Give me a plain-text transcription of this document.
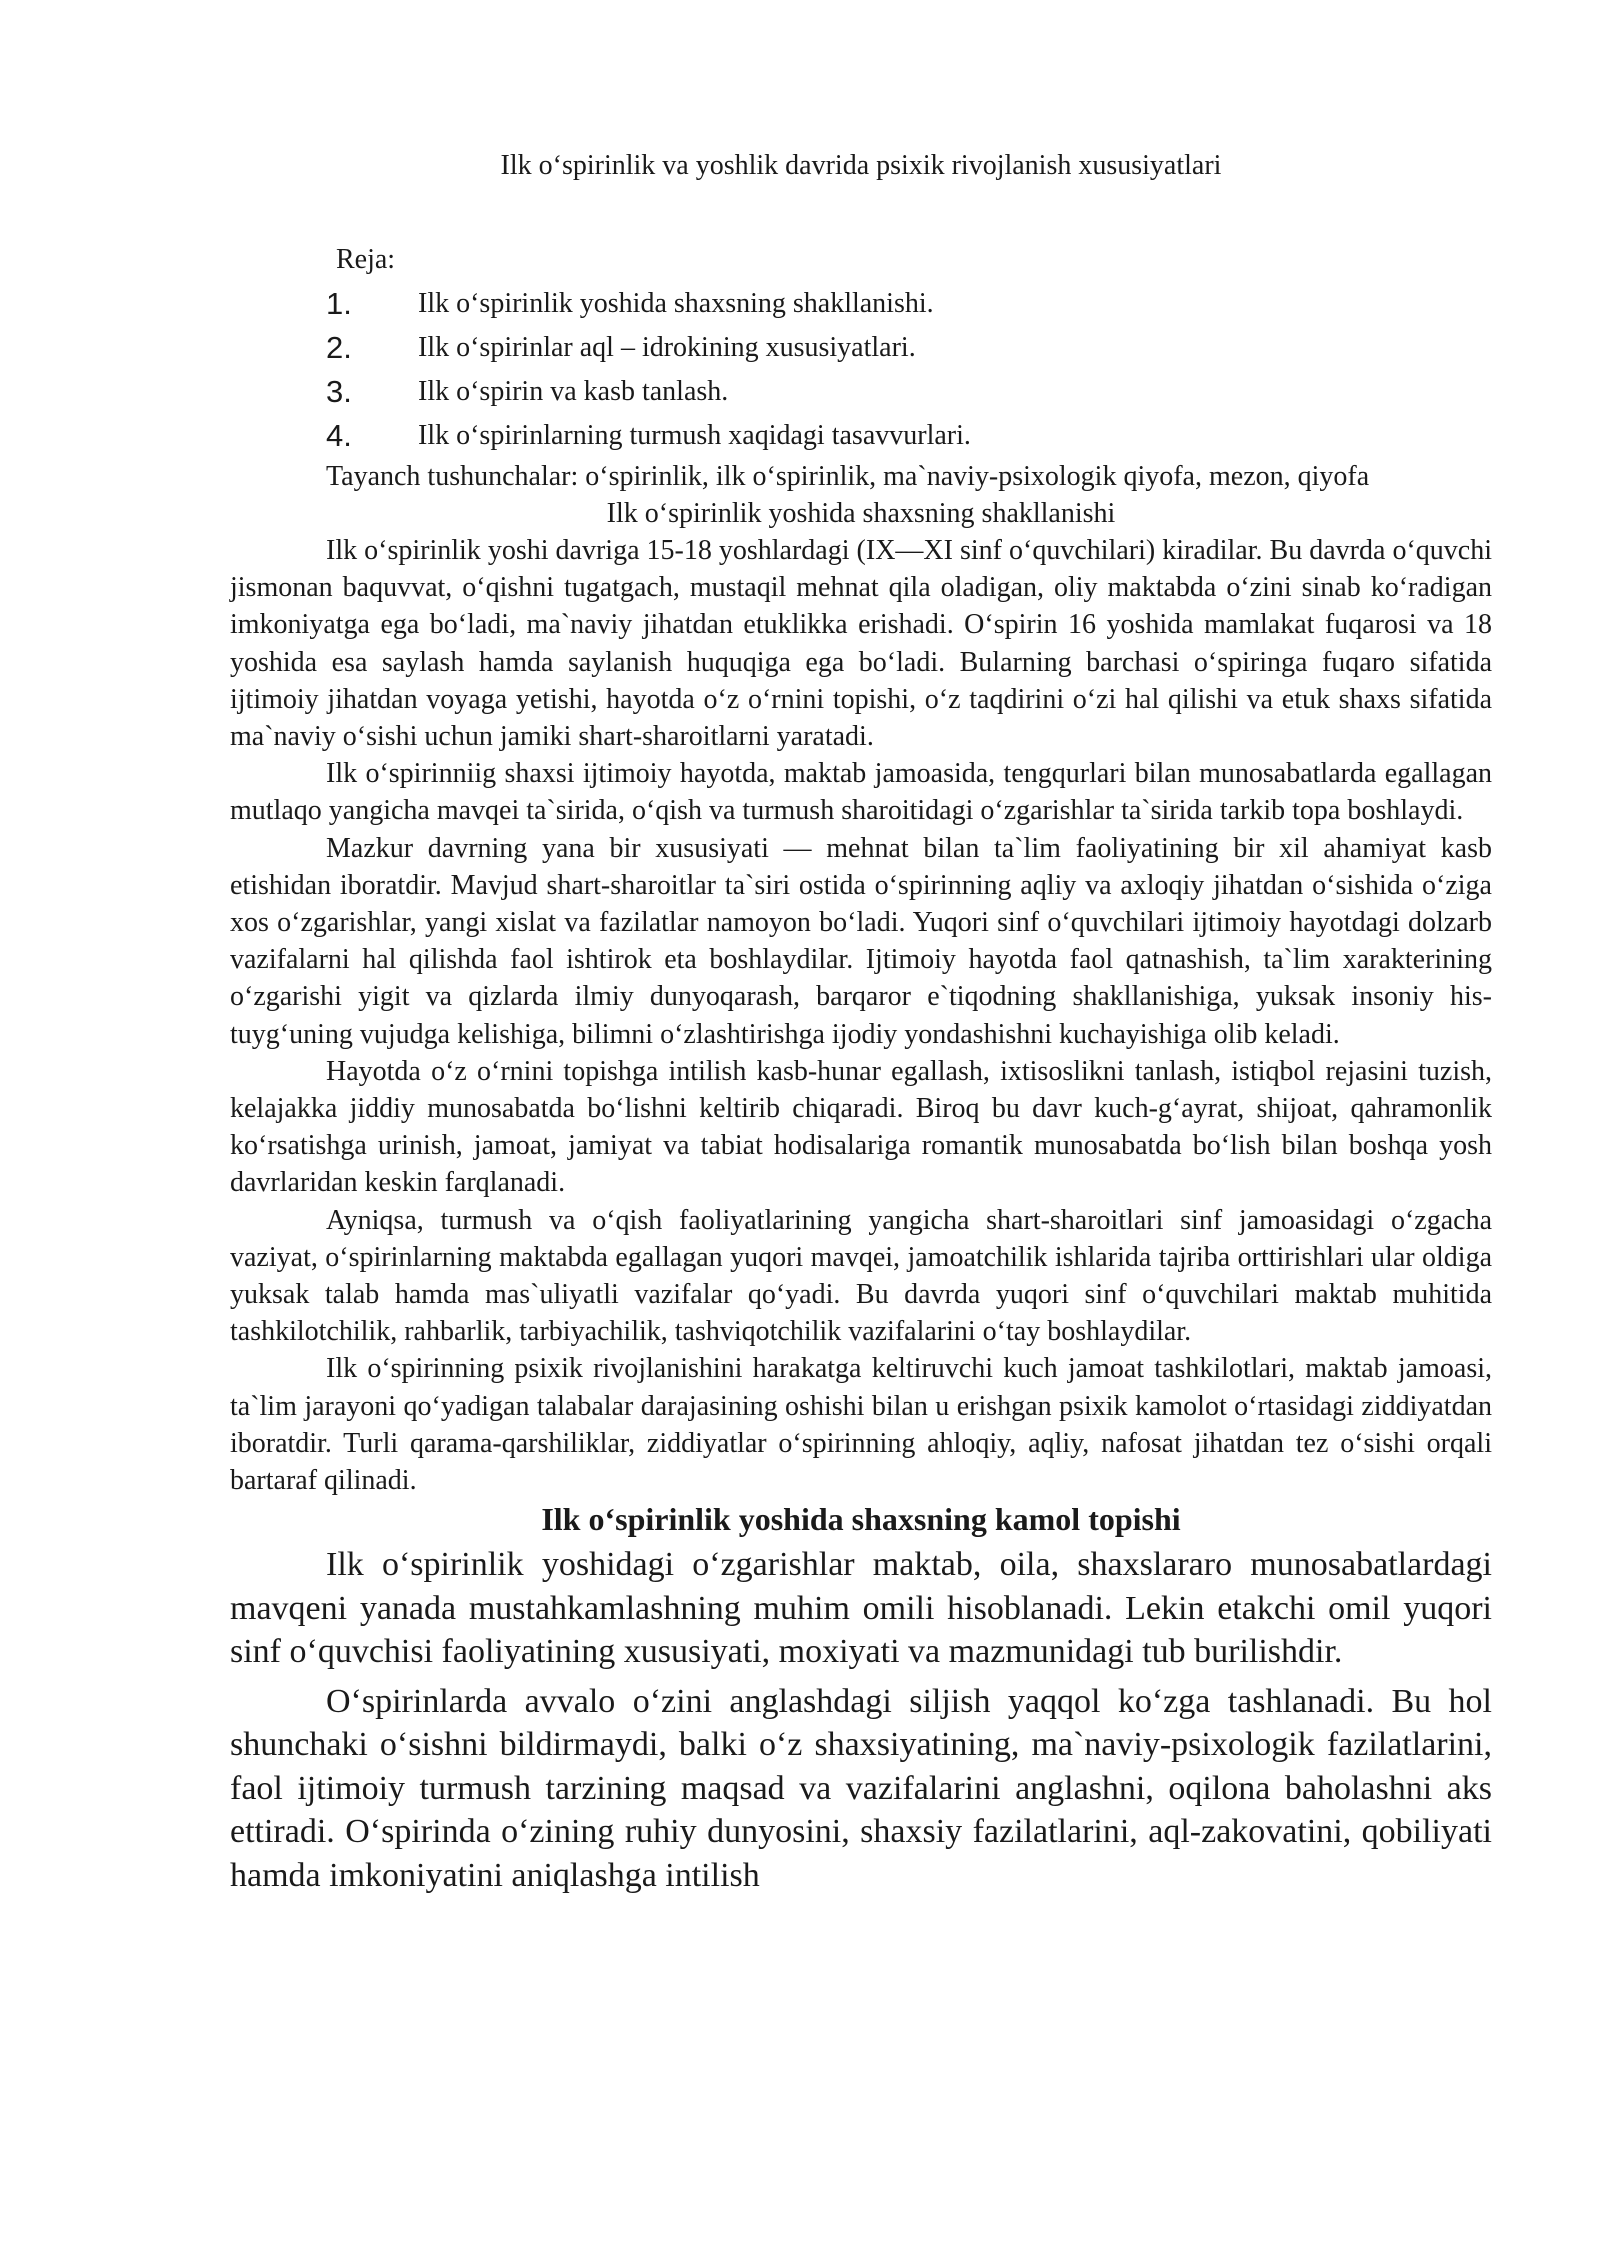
Ilk o‘spirinlik va yoshlik davrida psixik rivojlanish xususiyatlari

Reja:

1.	Ilk o‘spirinlik yoshida shaxsning shakllanishi.
2.	Ilk o‘spirinlar aql – idrokining xususiyatlari.
3.	Ilk o‘spirin va kasb tanlash.
4.	Ilk o‘spirinlarning turmush xaqidagi tasavvurlari.

Tayanch tushunchalar: o‘spirinlik, ilk o‘spirinlik, ma`naviy-psixologik qiyofa, mezon, qiyofa

Ilk o‘spirinlik yoshida shaxsning shakllanishi

Ilk o‘spirinlik yoshi davriga 15-18 yoshlardagi (IX—XI sinf o‘quvchilari) kiradilar. Bu davrda o‘quvchi jismonan baquvvat, o‘qishni tugatgach, mustaqil mehnat qila oladigan, oliy maktabda o‘zini sinab ko‘radigan imkoniyatga ega bo‘ladi, ma`naviy jihatdan etuklikka erishadi. O‘spirin 16 yoshida mamlakat fuqarosi va 18 yoshida esa saylash hamda saylanish huquqiga ega bo‘ladi. Bularning barchasi o‘spiringa fuqaro sifatida ijtimoiy jihatdan voyaga yetishi, hayotda o‘z o‘rnini topishi, o‘z taqdirini o‘zi hal qilishi va etuk shaxs sifatida ma`naviy o‘sishi uchun jamiki shart-sharoitlarni yaratadi.

Ilk o‘spirinniig shaxsi ijtimoiy hayotda, maktab jamoasida, tengqurlari bilan munosabatlarda egallagan mutlaqo yangicha mavqei ta`sirida, o‘qish va turmush sharoitidagi o‘zgarishlar ta`sirida tarkib topa boshlaydi.

Mazkur davrning yana bir xususiyati — mehnat bilan ta`lim faoliyatining bir xil ahamiyat kasb etishidan iboratdir. Mavjud shart-sharoitlar ta`siri ostida o‘spirinning aqliy va axloqiy jihatdan o‘sishida o‘ziga xos o‘zgarishlar, yangi xislat va fazilatlar namoyon bo‘ladi. Yuqori sinf o‘quvchilari ijtimoiy hayotdagi dolzarb vazifalarni hal qilishda faol ishtirok eta boshlaydilar. Ijtimoiy hayotda faol qatnashish, ta`lim xarakterining o‘zgarishi yigit va qizlarda ilmiy dunyoqarash, barqaror e`tiqodning shakllanishiga, yuksak insoniy his-tuyg‘uning vujudga kelishiga, bilimni o‘zlashtirishga ijodiy yondashishni kuchayishiga olib keladi.

Hayotda o‘z o‘rnini topishga intilish kasb-hunar egallash, ixtisoslikni tanlash, istiqbol rejasini tuzish, kelajakka jiddiy munosabatda bo‘lishni keltirib chiqaradi. Biroq bu davr kuch-g‘ayrat, shijoat, qahramonlik ko‘rsatishga urinish, jamoat, jamiyat va tabiat hodisalariga romantik munosabatda bo‘lish bilan boshqa yosh davrlaridan keskin farqlanadi.

Ayniqsa, turmush va o‘qish faoliyatlarining yangicha shart-sharoitlari sinf jamoasidagi o‘zgacha vaziyat, o‘spirinlarning maktabda egallagan yuqori mavqei, jamoatchilik ishlarida tajriba orttirishlari ular oldiga yuksak talab hamda mas`uliyatli vazifalar qo‘yadi. Bu davrda yuqori sinf o‘quvchilari maktab muhitida tashkilotchilik, rahbarlik, tarbiyachilik, tashviqotchilik vazifalarini o‘tay boshlaydilar.

Ilk o‘spirinning psixik rivojlanishini harakatga keltiruvchi kuch jamoat tashkilotlari, maktab jamoasi, ta`lim jarayoni qo‘yadigan talabalar darajasining oshishi bilan u erishgan psixik kamolot o‘rtasidagi ziddiyatdan iboratdir. Turli qarama-qarshiliklar, ziddiyatlar o‘spirinning ahloqiy, aqliy, nafosat jihatdan tez o‘sishi orqali bartaraf qilinadi.

Ilk o‘spirinlik yoshida shaxsning kamol topishi

Ilk o‘spirinlik yoshidagi o‘zgarishlar maktab, oila, shaxslararo munosabatlardagi mavqeni yanada mustahkamlashning muhim omili hisoblanadi. Lekin etakchi omil yuqori sinf o‘quvchisi faoliyatining xususiyati, moxiyati va mazmunidagi tub burilishdir.

O‘spirinlarda avvalo o‘zini anglashdagi siljish yaqqol ko‘zga tashlanadi. Bu hol shunchaki o‘sishni bildirmaydi, balki o‘z shaxsiyatining, ma`naviy-psixologik fazilatlarini, faol ijtimoiy turmush tarzining maqsad va vazifalarini anglashni, oqilona baholashni aks ettiradi. O‘spirinda o‘zining ruhiy dunyosini, shaxsiy fazilatlarini, aql-zakovatini, qobiliyati hamda imkoniyatini aniqlashga intilish
